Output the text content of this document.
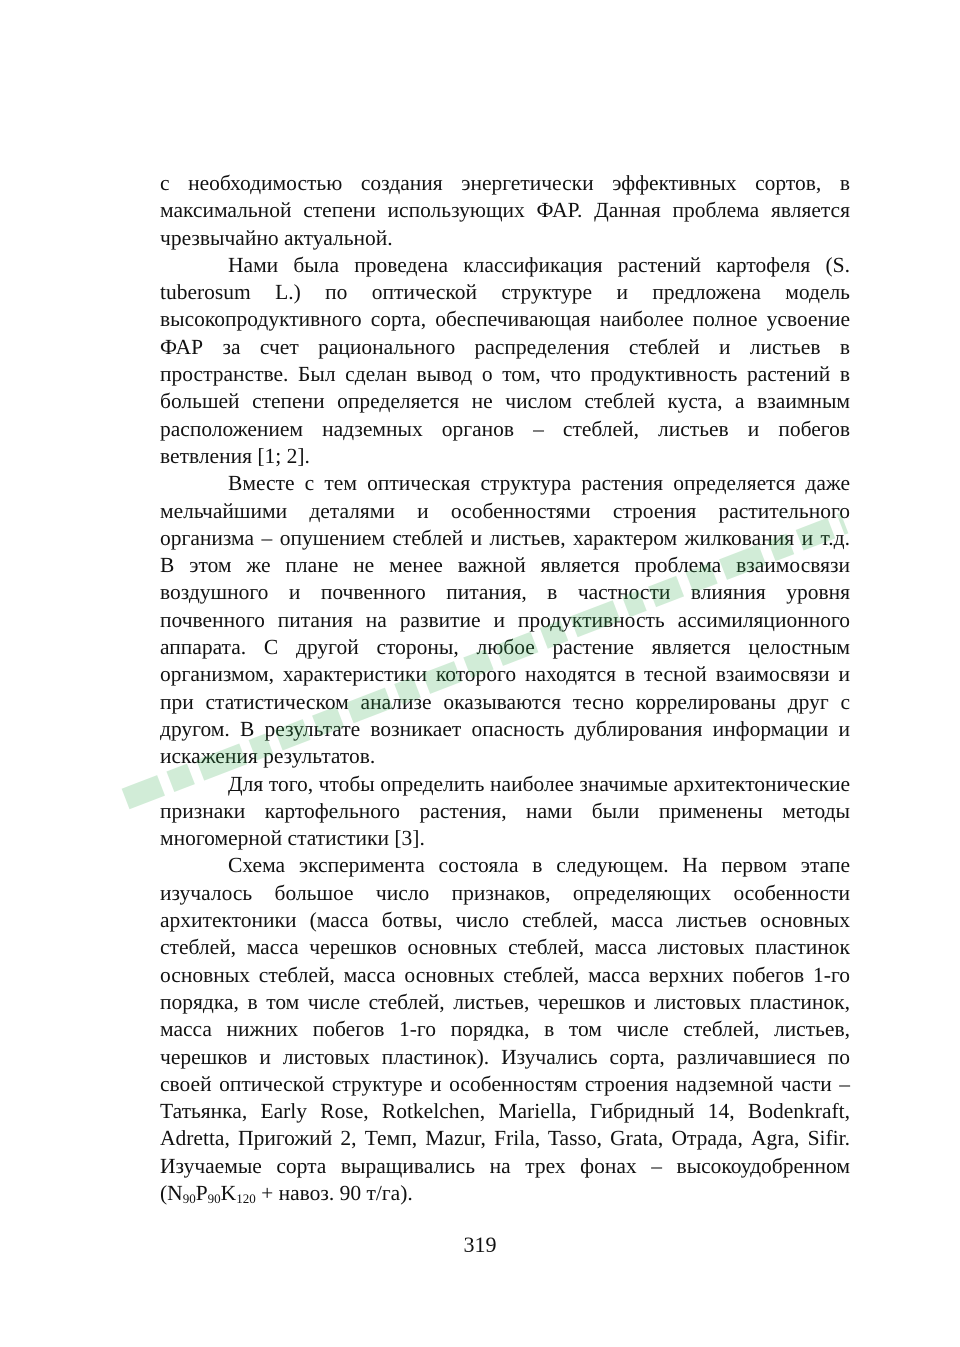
с необходимостью создания энергетически эффективных сортов, в максимальной степени использующих ФАР. Данная проблема является чрезвычайно актуальной.

Нами была проведена классификация растений картофеля (S. tuberosum L.) по оптической структуре и предложена модель высокопродуктивного сорта, обеспечивающая наиболее полное усвоение ФАР за счет рационального распределения стеблей и листьев в пространстве. Был сделан вывод о том, что продуктивность растений в большей степени определяется не числом стеблей куста, а взаимным расположением надземных органов – стеблей, листьев и побегов ветвления [1; 2].

Вместе с тем оптическая структура растения определяется даже мельчайшими деталями и особенностями строения растительного организма – опушением стеблей и листьев, характером жилкования и т.д. В этом же плане не менее важной является проблема взаимосвязи воздушного и почвенного питания, в частности влияния уровня почвенного питания на развитие и продуктивность ассимиляционного аппарата. С другой стороны, любое растение является целостным организмом, характеристики которого находятся в тесной взаимосвязи и при статистическом анализе оказываются тесно коррелированы друг с другом. В результате возникает опасность дублирования информации и искажения результатов.

Для того, чтобы определить наиболее значимые архитектонические признаки картофельного растения, нами были применены методы многомерной статистики [3].

Схема эксперимента состояла в следующем. На первом этапе изучалось большое число признаков, определяющих особенности архитектоники (масса ботвы, число стеблей, масса листьев основных стеблей, масса черешков основных стеблей, масса листовых пластинок основных стеблей, масса основных стеблей, масса верхних побегов 1-го порядка, в том числе стеблей, листьев, черешков и листовых пластинок, масса нижних побегов 1-го порядка, в том числе стеблей, листьев, черешков и листовых пластинок). Изучались сорта, различавшиеся по своей оптической структуре и особенностям строения надземной части – Татьянка, Early Rose, Rotkelchen, Mariella, Гибридный 14, Bodenkraft, Adretta, Пригожий 2, Темп, Mazur, Frila, Tasso, Grata, Отрада, Agra, Sifir. Изучаемые сорта выращивались на трех фонах – высокоудобренном ($N_{90}P_{90}K_{120}$ + навоз. 90 т/га).

319
